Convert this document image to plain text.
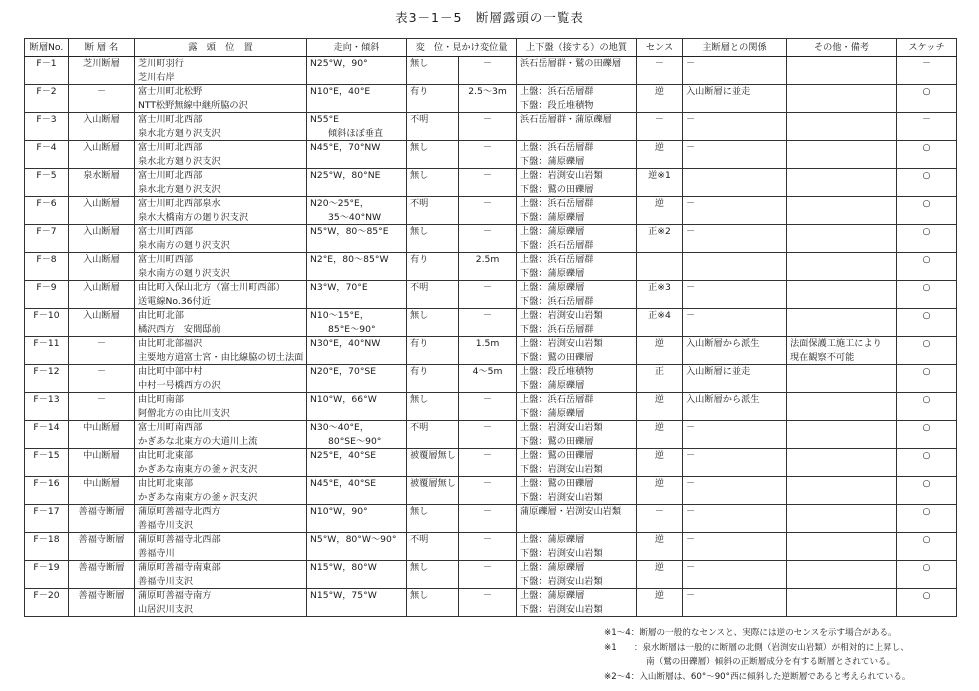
表3－1－5　断層露頭の一覧表
断層No.	断 層 名	露　頭　位　置	走向・傾斜	変　位・見かけ変位量		上下盤（接する）の地質	センス	主断層との関係	その他・備考	スケッチ

F－1	芝川断層	芝川町羽行
芝川右岸	N25°W，90°	無し	－	浜石岳層群・鷲の田礫層	－	－		－

F－2	－	富士川町北松野
NTT松野無線中継所脇の沢	N10°E，40°E	有り	2.5～3m	上盤：浜石岳層群
下盤：段丘堆積物	逆	入山断層に並走		○

F－3	入山断層	富士川町北西部
泉水北方廻り沢支沢	N55°E
傾斜ほぼ垂直	不明	－	浜石岳層群・蒲原礫層	－	－		－

F－4	入山断層	富士川町北西部
泉水北方廻り沢支沢	N45°E，70°NW	無し	－	上盤：浜石岳層群
下盤：蒲原礫層	逆	－		○

F－5	泉水断層	富士川町北西部
泉水北方廻り沢支沢	N25°W，80°NE	無し	－	上盤：岩渕安山岩類
下盤：鷲の田礫層	逆※1			○

F－6	入山断層	富士川町北西部泉水
泉水大橋南方の廻り沢支沢	N20～25°E，
35～40°NW	不明	－	上盤：浜石岳層群
下盤：蒲原礫層	逆	－		○

F－7	入山断層	富士川町西部
泉水南方の廻り沢支沢	N5°W，80～85°E	無し	－	上盤：蒲原礫層
下盤：浜石岳層群	正※2	－		○

F－8	入山断層	富士川町西部
泉水南方の廻り沢支沢	N2°E，80～85°W	有り	2.5m	上盤：浜石岳層群
下盤：蒲原礫層				○

F－9	入山断層	由比町入保山北方（富士川町西部）
送電線No.36付近	N3°W，70°E	不明	－	上盤：蒲原礫層
下盤：浜石岳層群	正※3	－		○

F－10	入山断層	由比町北部
橘沢西方　安間邸前	N10～15°E，
85°E～90°	無し	－	上盤：岩渕安山岩類
下盤：浜石岳層群	正※4	－		○

F－11	－	由比町北部福沢
主要地方道富士宮・由比線脇の切土法面	N30°E，40°NW	有り	1.5m	上盤：岩渕安山岩類
下盤：鷲の田礫層	逆	入山断層から派生	法面保護工施工により
現在観察不可能	○

F－12	－	由比町中部中村
中村一号橋西方の沢	N20°E，70°SE	有り	4～5m	上盤：段丘堆積物
下盤：蒲原礫層	正	入山断層に並走		○

F－13	－	由比町南部
阿僧北方の由比川支沢	N10°W，66°W	無し	－	上盤：浜石岳層群
下盤：蒲原礫層	逆	入山断層から派生		○

F－14	中山断層	富士川町南西部
かぎあな北東方の大道川上流	N30～40°E，
80°SE～90°	不明	－	上盤：岩渕安山岩類
下盤：鷲の田礫層	逆	－		○

F－15	中山断層	由比町北東部
かぎあな南東方の釜ヶ沢支沢	N25°E，40°SE	被覆層無し	－	上盤：鷲の田礫層
下盤：岩渕安山岩類	逆	－		○

F－16	中山断層	由比町北東部
かぎあな南東方の釜ヶ沢支沢	N45°E，40°SE	被覆層無し	－	上盤：鷲の田礫層
下盤：岩渕安山岩類	逆	－		○

F－17	善福寺断層	蒲原町善福寺北西方
善福寺川支沢	N10°W，90°	無し	－	蒲原礫層・岩渕安山岩類	－	－		○

F－18	善福寺断層	蒲原町善福寺北西部
善福寺川	N5°W，80°W～90°	不明	－	上盤：蒲原礫層
下盤：岩渕安山岩類	逆	－		○

F－19	善福寺断層	蒲原町善福寺南東部
善福寺川支沢	N15°W，80°W	無し	－	上盤：蒲原礫層
下盤：岩渕安山岩類	逆	－		○

F－20	善福寺断層	蒲原町善福寺南方
山居沢川支沢	N15°W，75°W	無し	－	上盤：蒲原礫層
下盤：岩渕安山岩類	逆	－		○
※1～4：断層の一般的なセンスと、実際には逆のセンスを示す場合がある。
※1　　：泉水断層は一般的に断層の北側（岩渕安山岩類）が相対的に上昇し、
南（鷲の田礫層）傾斜の正断層成分を有する断層とされている。
※2～4：入山断層は、60°～90°西に傾斜した逆断層であると考えられている。
